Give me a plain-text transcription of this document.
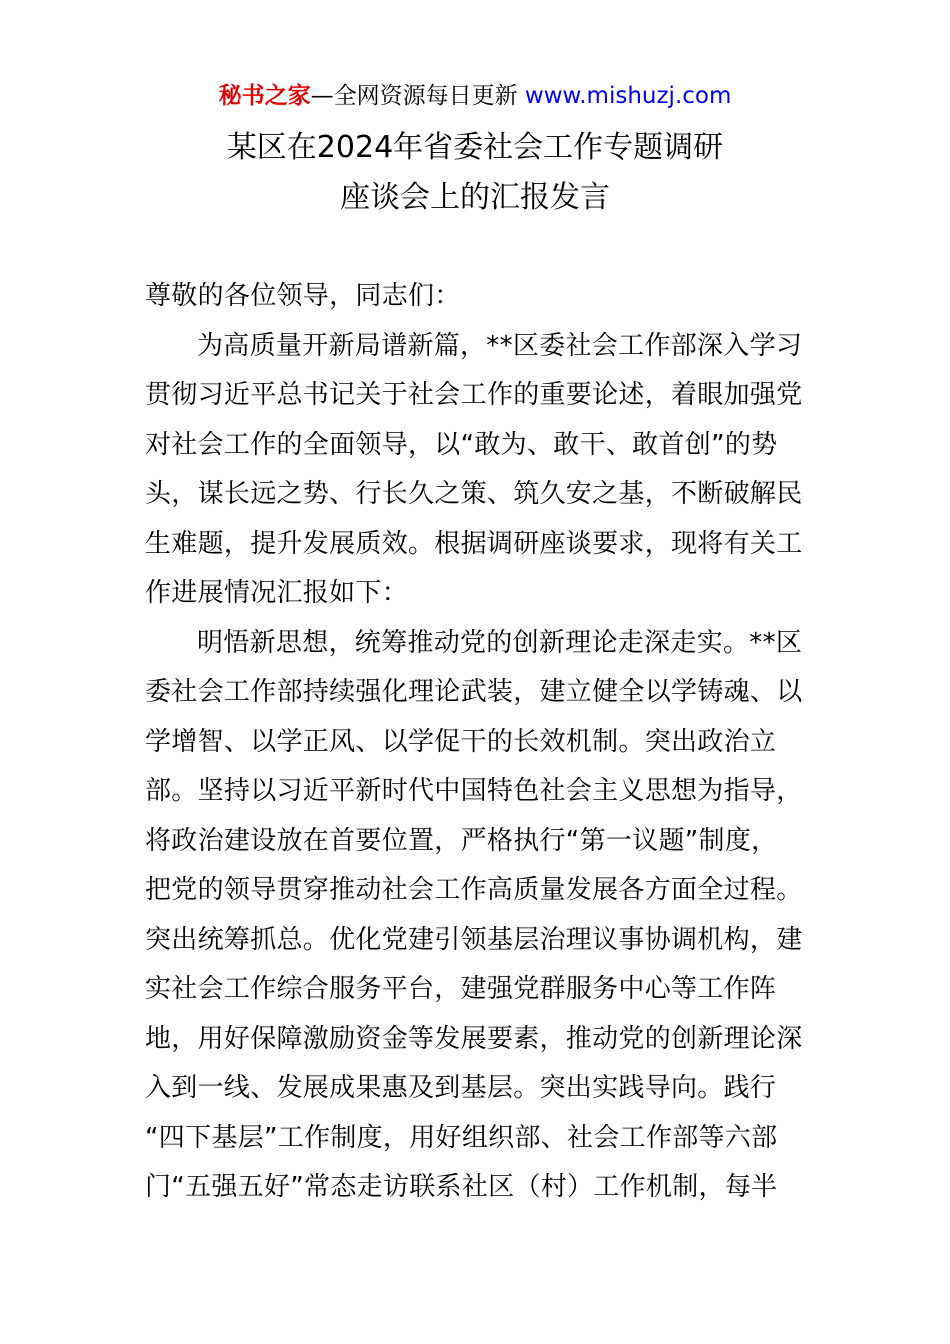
秘书之家—全网资源每日更新 www.mishuzj.com
某区在2024年省委社会工作专题调研
座谈会上的汇报发言
尊敬的各位领导，同志们：
为高质量开新局谱新篇，**区委社会工作部深入学习
贯彻习近平总书记关于社会工作的重要论述，着眼加强党
对社会工作的全面领导，以“敢为、敢干、敢首创”的势
头，谋长远之势、行长久之策、筑久安之基，不断破解民
生难题，提升发展质效。根据调研座谈要求，现将有关工
作进展情况汇报如下：
明悟新思想，统筹推动党的创新理论走深走实。**区
委社会工作部持续强化理论武装，建立健全以学铸魂、以
学增智、以学正风、以学促干的长效机制。突出政治立
部。坚持以习近平新时代中国特色社会主义思想为指导，
将政治建设放在首要位置，严格执行“第一议题”制度，
把党的领导贯穿推动社会工作高质量发展各方面全过程。
突出统筹抓总。优化党建引领基层治理议事协调机构，建
实社会工作综合服务平台，建强党群服务中心等工作阵
地，用好保障激励资金等发展要素，推动党的创新理论深
入到一线、发展成果惠及到基层。突出实践导向。践行
“四下基层”工作制度，用好组织部、社会工作部等六部
门“五强五好”常态走访联系社区（村）工作机制，每半
